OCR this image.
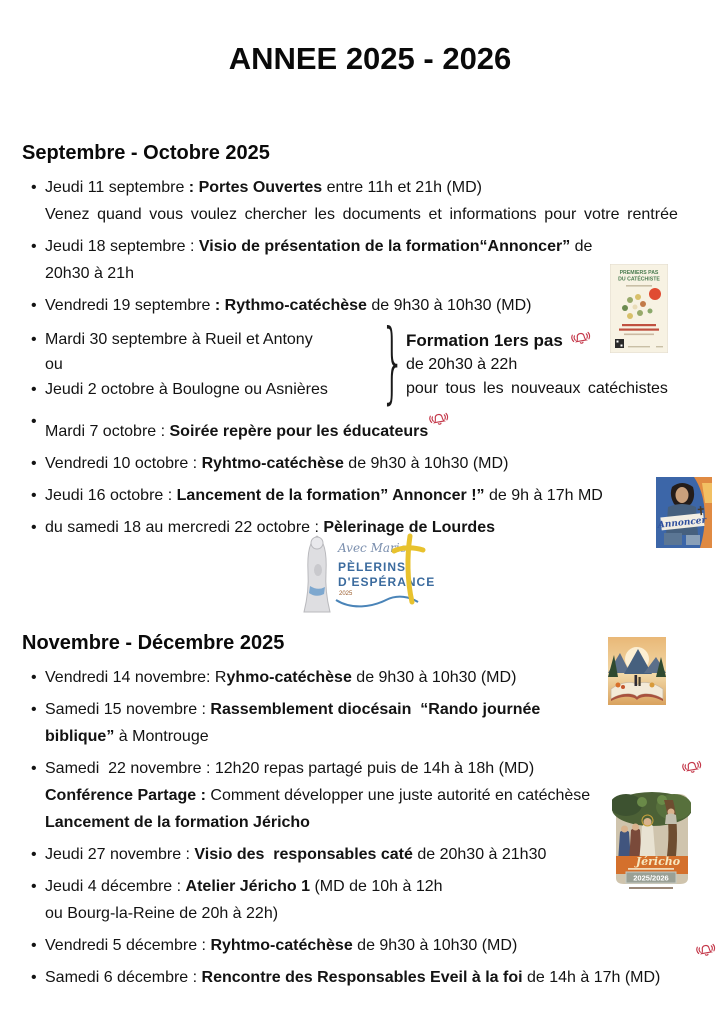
ANNEE 2025 - 2026
Septembre - Octobre 2025
• Jeudi 11 septembre : Portes Ouvertes entre 11h et 21h (MD)
Venez quand vous voulez chercher les documents et informations pour votre rentrée
• Jeudi 18 septembre : Visio de présentation de la formation“Annoncer” de
20h30 à 21h
• Vendredi 19 septembre : Rythmo-catéchèse de 9h30 à 10h30 (MD)
• Mardi 30 septembre à Rueil et Antony
ou
• Jeudi 2 octobre à Boulogne ou Asnières } Formation 1ers pas
de 20h30 à 22h
pour tous les nouveaux catéchistes
• Mardi 7 octobre : Soirée repère pour les éducateurs
• Vendredi 10 octobre : Ryhtmo-catéchèse de 9h30 à 10h30 (MD)
• Jeudi 16 octobre : Lancement de la formation” Annoncer !” de 9h à 17h MD
• du samedi 18 au mercredi 22 octobre : Pèlerinage de Lourdes
Avec Marie,
PÈLERINS
D'ESPÉRANCE
2025
Novembre - Décembre 2025
• Vendredi 14 novembre: Ryhmo-catéchèse de 9h30 à 10h30 (MD)
• Samedi 15 novembre : Rassemblement diocésain  “Rando journée
biblique” à Montrouge
• Samedi  22 novembre : 12h20 repas partagé puis de 14h à 18h (MD)
Conférence Partage : Comment développer une juste autorité en catéchèse
Lancement de la formation Jéricho
• Jeudi 27 novembre : Visio des  responsables caté de 20h30 à 21h30
• Jeudi 4 décembre : Atelier Jéricho 1 (MD de 10h à 12h
ou Bourg-la-Reine de 20h à 22h)
• Vendredi 5 décembre : Ryhtmo-catéchèse de 9h30 à 10h30 (MD)
• Samedi 6 décembre : Rencontre des Responsables Eveil à la foi de 14h à 17h (MD)
PREMIERS PAS
DU CATÉCHISTE
Annoncer
Jéricho
2025/2026
